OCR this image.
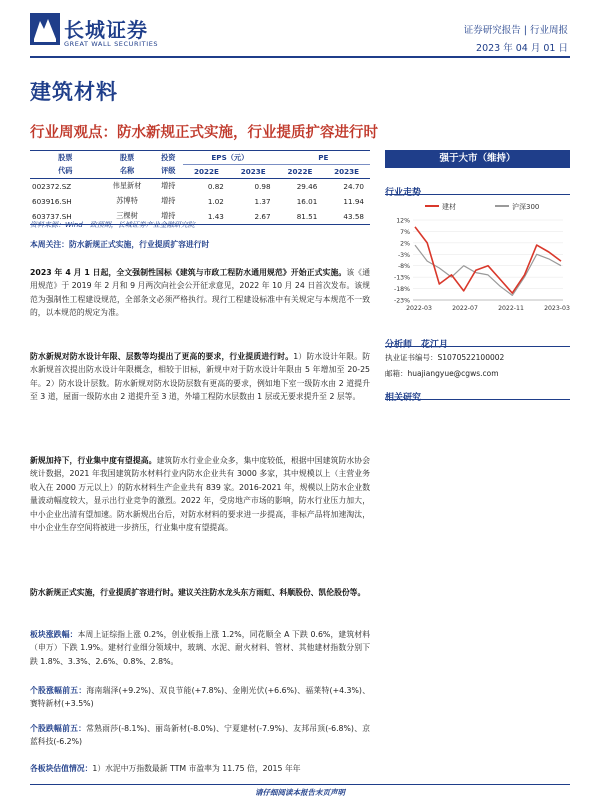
长城证券
GREAT WALL SECURITIES
证券研究报告 | 行业周报
2023 年 04 月 01 日
建筑材料
行业周观点：防水新规正式实施，行业提质扩容进行时
股票	股票	投资	EPS（元）		PE	
代码	名称	评级	2022E	2023E	2022E	2023E
002372.SZ	伟星新材	增持	0.82	0.98	29.46	24.70
603916.SH	苏博特	增持	1.02	1.37	16.01	11.94
603737.SH	三棵树	增持	1.43	2.67	81.51	43.58
资料来源：Wind－致预期，长城证券产业金融研究院
强于大市（维持）
行业走势
建材	沪深300
12%
7%
2%
-3%
-8%
-13%
-18%
-23%
2022-03	2022-07	2022-11	2023-03
分析师　花江月
执业证书编号：S1070522100002
邮箱：huajiangyue@cgws.com
相关研究
本周关注：防水新规正式实施，行业提质扩容进行时
2023 年 4 月 1 日起，全文强制性国标《建筑与市政工程防水通用规范》开始正式实施。该《通用规范》于 2019 年 2 月和 9 月两次向社会公开征求意见，2022 年 10 月 24 日首次发布。该规范为强制性工程建设规范，全部条文必须严格执行。现行工程建设标准中有关规定与本规范不一致的，以本规范的规定为准。
防水新规对防水设计年限、层数等均提出了更高的要求，行业提质进行时。1）防水设计年限。防水新规首次提出防水设计年限概念，相较于旧标，新规中对于防水设计年限由 5 年增加至 20-25 年。2）防水设计层数。防水新规对防水设防层数有更高的要求，例如地下室一级防水由 2 道提升至 3 道，屋面一级防水由 2 道提升至 3 道，外墙工程防水层数由 1 层或无要求提升至 2 层等。
新规加持下，行业集中度有望提高。建筑防水行业企业众多，集中度较低，根据中国建筑防水协会统计数据，2021 年我国建筑防水材料行业内防水企业共有 3000 多家，其中规模以上（主营业务收入在 2000 万元以上）的防水材料生产企业共有 839 家。2016-2021 年，规模以上防水企业数量波动幅度较大，显示出行业竞争的激烈。2022 年，受房地产市场的影响，防水行业压力加大，中小企业出清有望加速。防水新规出台后，对防水材料的要求进一步提高，非标产品将加速淘汰，中小企业生存空间将被进一步挤压，行业集中度有望提高。
防水新规正式实施，行业提质扩容进行时。建议关注防水龙头东方雨虹、科顺股份、凯伦股份等。
板块涨跌幅：本周上证综指上涨 0.2%，创业板指上涨 1.2%，同花顺全 A 下跌 0.6%，建筑材料（申万）下跌 1.9%。建材行业细分领域中，玻璃、水泥、耐火材料、管材、其他建材指数分别下跌 1.8%、3.3%、2.6%、0.8%、2.8%。
个股涨幅前五：海南瑞泽(+9.2%)、双良节能(+7.8%)、金刚光伏(+6.6%)、福莱特(+4.3%)、赛特新材(+3.5%)
个股跌幅前五：常熟雨莎(-8.1%)、丽岛新材(-8.0%)、宁夏建材(-7.9%)、友邦吊顶(-6.8%)、京蓝科技(-6.2%)
各板块估值情况：1）水泥中万指数最新 TTM 市盈率为 11.75 倍，2015 年年
请仔细阅读本报告末页声明
